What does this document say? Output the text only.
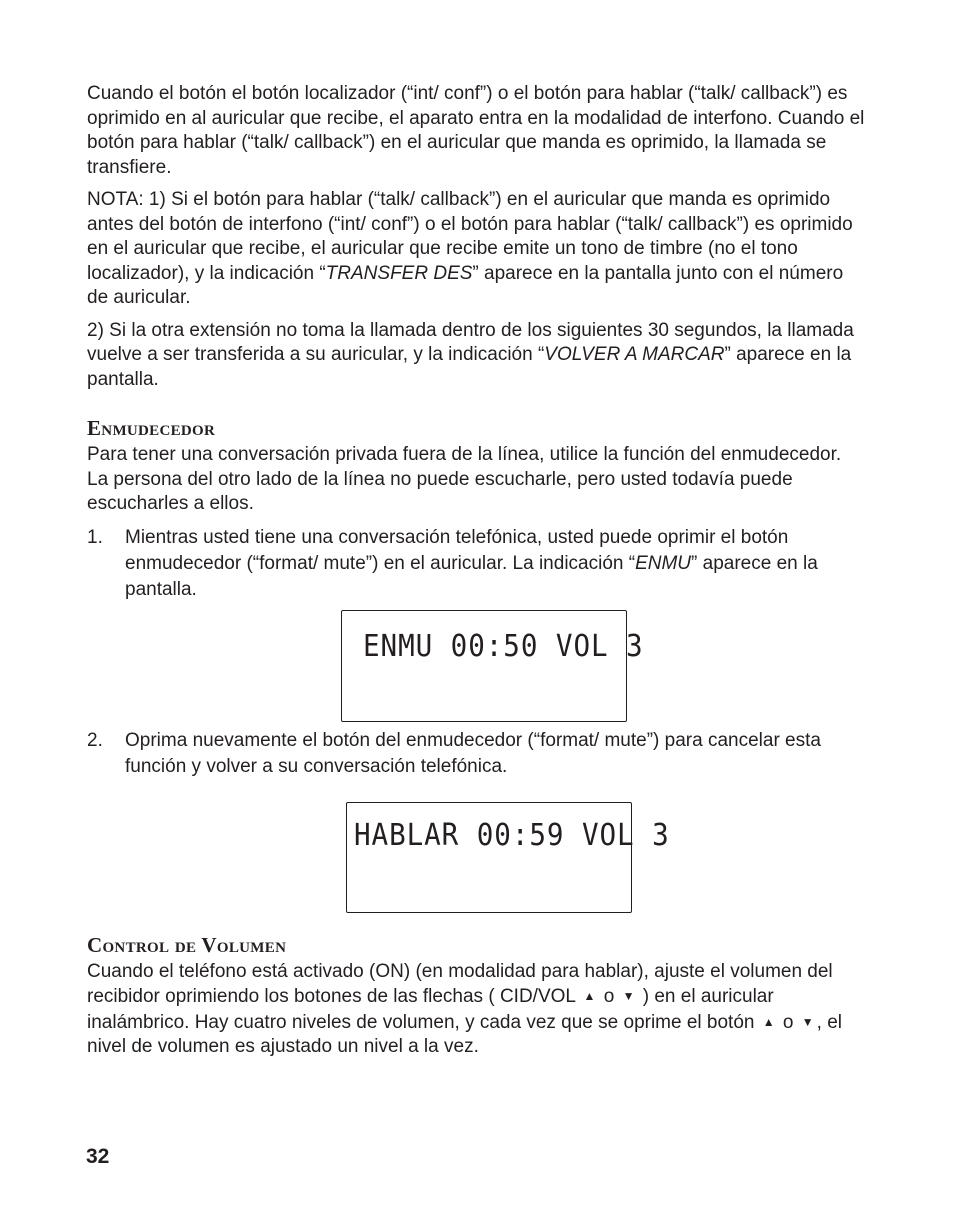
Cuando el botón el botón localizador (“int/ conf”) o el botón para hablar (“talk/ callback”) es oprimido en al auricular que recibe, el aparato entra en la modalidad de interfono. Cuando el botón para hablar (“talk/ callback”) en el auricular que manda es oprimido, la llamada se transfiere.

NOTA: 1) Si el botón para hablar (“talk/ callback”) en el auricular que manda es oprimido antes del botón de interfono (“int/ conf”) o el botón para hablar (“talk/ callback”) es oprimido en el auricular que recibe, el auricular que recibe emite un tono de timbre (no el tono localizador), y la indicación “TRANSFER DES” aparece en la pantalla junto con el número de auricular.

2) Si la otra extensión no toma la llamada dentro de los siguientes 30 segundos, la llamada vuelve a ser transferida a su auricular, y la indicación “VOLVER A MARCAR” aparece en la pantalla.

Enmudecedor

Para tener una conversación privada fuera de la línea, utilice la función del enmudecedor. La persona del otro lado de la línea no puede escucharle, pero usted todavía puede escucharles a ellos.

1. Mientras usted tiene una conversación telefónica, usted puede oprimir el botón enmudecedor (“format/ mute”) en el auricular. La indicación “ENMU” aparece en la pantalla.
ENMU 00:50 VOL 3
2. Oprima nuevamente el botón del enmudecedor (“format/ mute”) para cancelar esta función y volver a su conversación telefónica.
HABLAR 00:59 VOL 3
Control de Volumen

Cuando el teléfono está activado (ON) (en modalidad para hablar), ajuste el volumen del recibidor oprimiendo los botones de las flechas ( CID/VOL ▲ o ▼ ) en el auricular inalámbrico. Hay cuatro niveles de volumen, y cada vez que se oprime el botón ▲ o ▼ , el nivel de volumen es ajustado un nivel a la vez.

32
